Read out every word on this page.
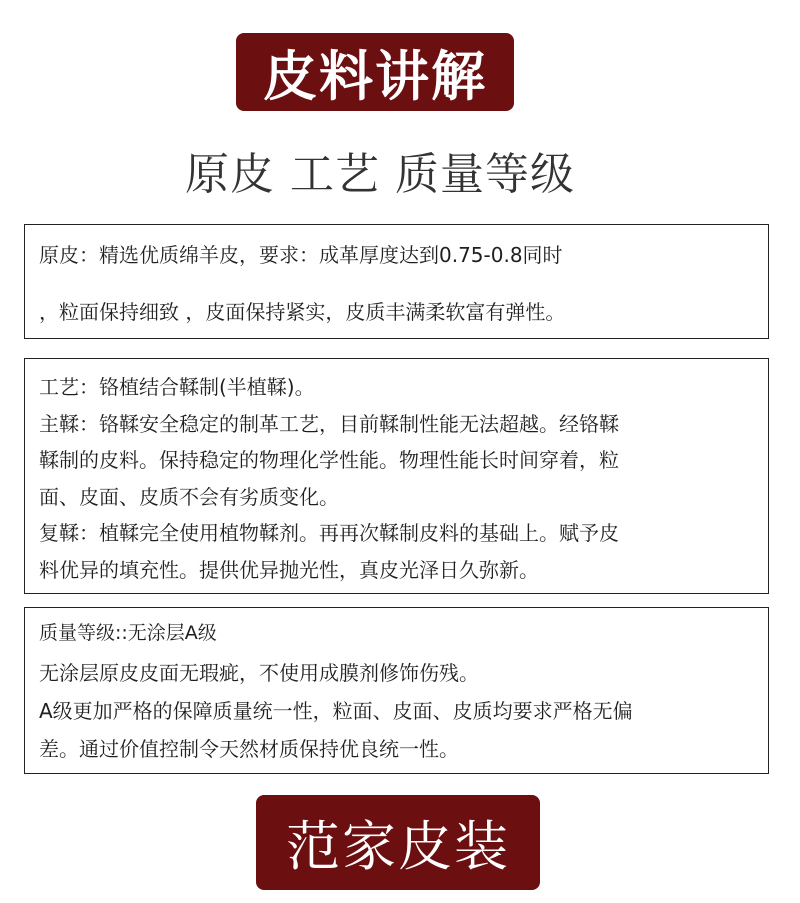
皮料讲解
原皮 工艺 质量等级

原皮：精选优质绵羊皮，要求：成革厚度达到0.75-0.8同时

，粒面保持细致 ，皮面保持紧实，皮质丰满柔软富有弹性。

工艺：铬植结合鞣制(半植鞣)。

主鞣：铬鞣安全稳定的制革工艺，目前鞣制性能无法超越。经铬鞣

鞣制的皮料。保持稳定的物理化学性能。物理性能长时间穿着，粒

面、皮面、皮质不会有劣质变化。

复鞣：植鞣完全使用植物鞣剂。再再次鞣制皮料的基础上。赋予皮

料优异的填充性。提供优异抛光性，真皮光泽日久弥新。

质量等级::无涂层A级

无涂层原皮皮面无瑕疵，不使用成膜剂修饰伤残。

A级更加严格的保障质量统一性，粒面、皮面、皮质均要求严格无偏

差。通过价值控制令天然材质保持优良统一性。

范家皮装
